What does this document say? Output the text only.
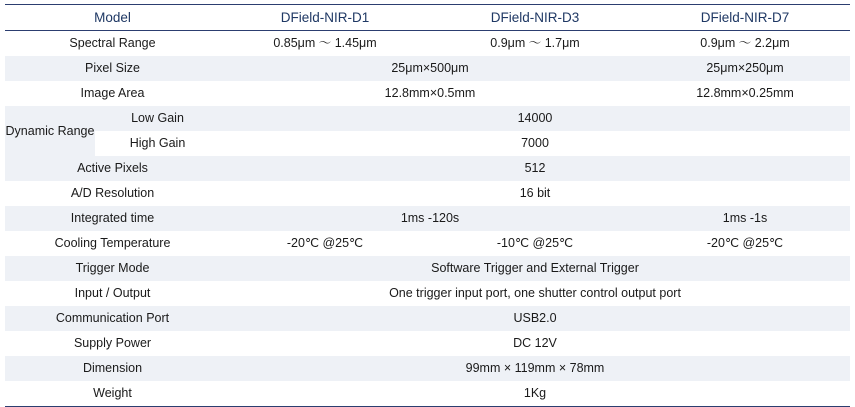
Model		DField-NIR-D1	DField-NIR-D3	DField-NIR-D7
Spectral Range		0.85μm ～ 1.45μm	0.9μm ～ 1.7μm	0.9μm ～ 2.2μm
Pixel Size		25μm×500μm		25μm×250μm
Image Area		12.8mm×0.5mm		12.8mm×0.25mm
Dynamic Range	Low Gain	14000		
	High Gain	7000		
Active Pixels		512		
A/D Resolution		16 bit		
Integrated time		1ms -120s		1ms -1s
Cooling Temperature		-20℃ @25℃	-10℃ @25℃	-20℃ @25℃
Trigger Mode		Software Trigger and External Trigger		
Input / Output		One trigger input port, one shutter control output port		
Communication Port		USB2.0		
Supply Power		DC 12V		
Dimension		99mm × 119mm × 78mm		
Weight		1Kg		
